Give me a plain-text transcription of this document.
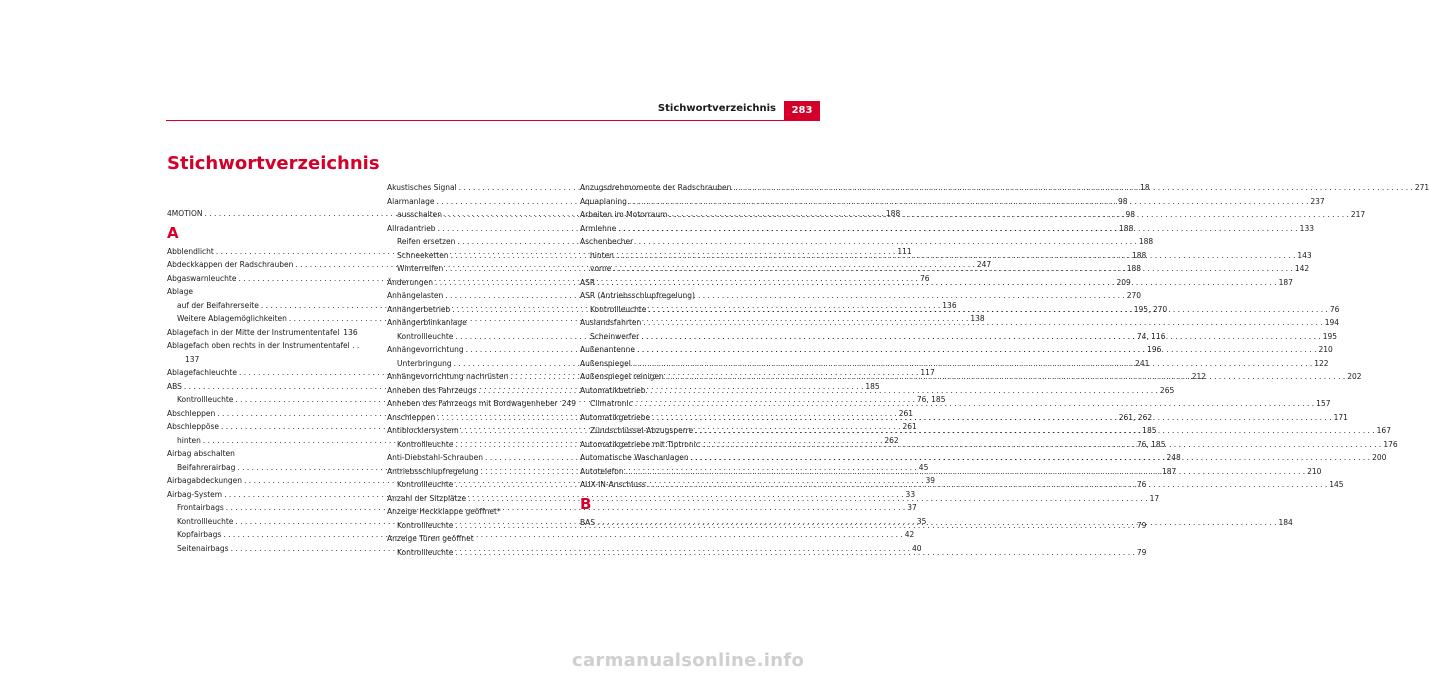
Stichwortverzeichnis	283
Stichwortverzeichnis
4MOTION . . .	188
A
Abblendlicht . . .	111
Abdeckkappen der Radschrauben . . .	247
Abgaswarnleuchte . . .	76
Ablage
auf der Beifahrerseite . . .	136
Weitere Ablagemöglichkeiten . . .	138
Ablagefach in der Mitte der Instrumententafel 136
Ablagefach oben rechts in der Instrumententafel . .
137
Ablagefachleuchte . . .	117
ABS . . .	185
Kontrollleuchte . . .	76, 185
Abschleppen . . .	261
Abschleppöse . . .	261
hinten . . .	262
Airbag abschalten
Beifahrerairbag . . .	45
Airbagabdeckungen . . .	39
Airbag-System . . .	33
Frontairbags . . .	37
Kontrollleuchte . . .	35
Kopfairbags . . .	42
Seitenairbags . . .	40
Akustisches Signal . . .	18
Alarmanlage . . .	98
ausschalten . . .	98
Allradantrieb . . .	188
Reifen ersetzen . . .	188
Schneeketten . . .	188
Winterreifen . . .	188
Änderungen . . .	209
Anhängelasten . . .	270
Anhängerbetrieb . . .	195, 270
Anhängerblinkanlage
Kontrollleuchte . . .	74, 116
Anhängevorrichtung . . .	196
Unterbringung . . .	241
Anhängevorrichtung nachrüsten . . .	212
Anheben des Fahrzeugs . . .	265
Anheben des Fahrzeugs mit Bordwagenheber 249
Anschleppen . . .	261, 262
Antiblockiersystem . . .	185
Kontrollleuchte . . .	76, 185
Anti-Diebstahl-Schrauben . . .	248
Antriebsschlupfregelung . . .	187
Kontrollleuchte . . .	76
Anzahl der Sitzplätze . . .	17
Anzeige Heckklappe geöffnet*
Kontrollleuchte . . .	79
Anzeige Türen geöffnet
Kontrollleuchte . . .	79
Anzugsdrehmomente der Radschrauben . . .	271
Aquaplaning . . .	237
Arbeiten im Motorraum . . .	217
Armlehne . . .	133
Aschenbecher
hinten . . .	143
vorne . . .	142
ASR . . .	187
ASR (Antriebsschlupfregelung)
Kontrollleuchte . . .	76
Auslandsfahrten . . .	194
Scheinwerfer . . .	195
Außenantenne . . .	210
Außenspiegel . . .	122
Außenspiegel reinigen . . .	202
Automatikbetrieb
Climatronic . . .	157
Automatikgetriebe . . .	171
Zündschlüssel-Abzugsperre . . .	167
Automatikgetriebe mit Tiptronic . . .	176
Automatische Waschanlagen . . .	200
Autotelefon . . .	210
AUX-IN-Anschluss . . .	145
B
BAS . . .	184
carmanualsonline.info
